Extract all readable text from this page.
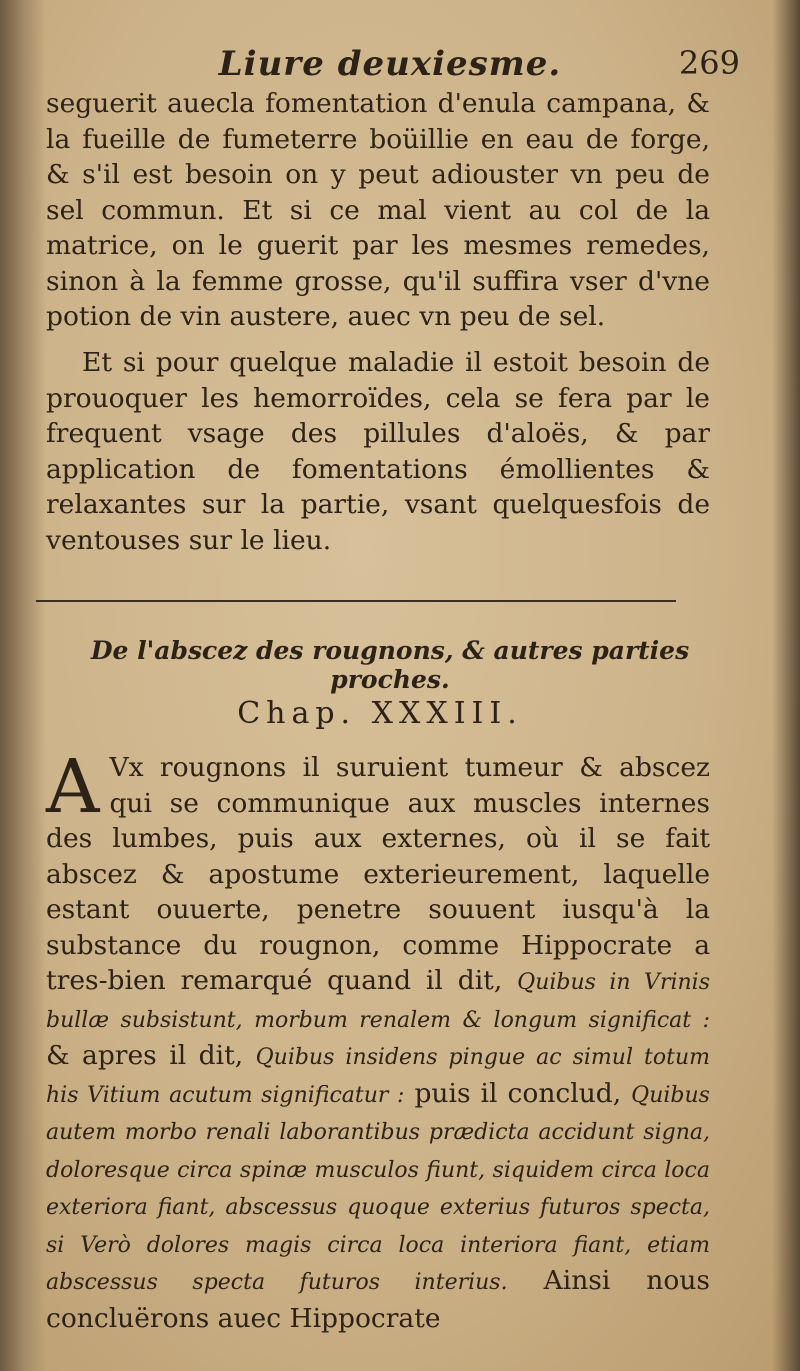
Liure deuxiesme.	269

seguerit auecla fomentation d'enula campana, & la fueille de fumeterre boüillie en eau de forge, & s'il est besoin on y peut adiouster vn peu de sel commun. Et si ce mal vient au col de la matrice, on le guerit par les mesmes remedes, sinon à la femme grosse, qu'il suffira vser d'vne potion de vin austere, auec vn peu de sel.

Et si pour quelque maladie il estoit besoin de prouoquer les hemorroïdes, cela se fera par le frequent vsage des pillules d'aloës, & par application de fomentations émollientes & relaxantes sur la partie, vsant quelquesfois de ventouses sur le lieu.

De l'abscez des rougnons, & autres parties proches.
Chap. XXXIII.
A Vx rougnons il suruient tumeur & abscez qui se communique aux muscles internes des lumbes, puis aux externes, où il se fait abscez & apostume exterieurement, laquelle estant ouuerte, penetre souuent iusqu'à la substance du rougnon, comme Hippocrate a tres-bien remarqué quand il dit, Quibus in Vrinis bullæ subsistunt, morbum renalem & longum significat : & apres il dit, Quibus insidens pingue ac simul totum his Vitium acutum significatur : puis il conclud, Quibus autem morbo renali laborantibus prædicta accidunt signa, doloresque circa spinæ musculos fiunt, siquidem circa loca exteriora fiant, abscessus quoque exterius futuros specta, si Verò dolores magis circa loca interiora fiant, etiam abscessus specta futuros interius. Ainsi nous concluërons auec Hippocrate
